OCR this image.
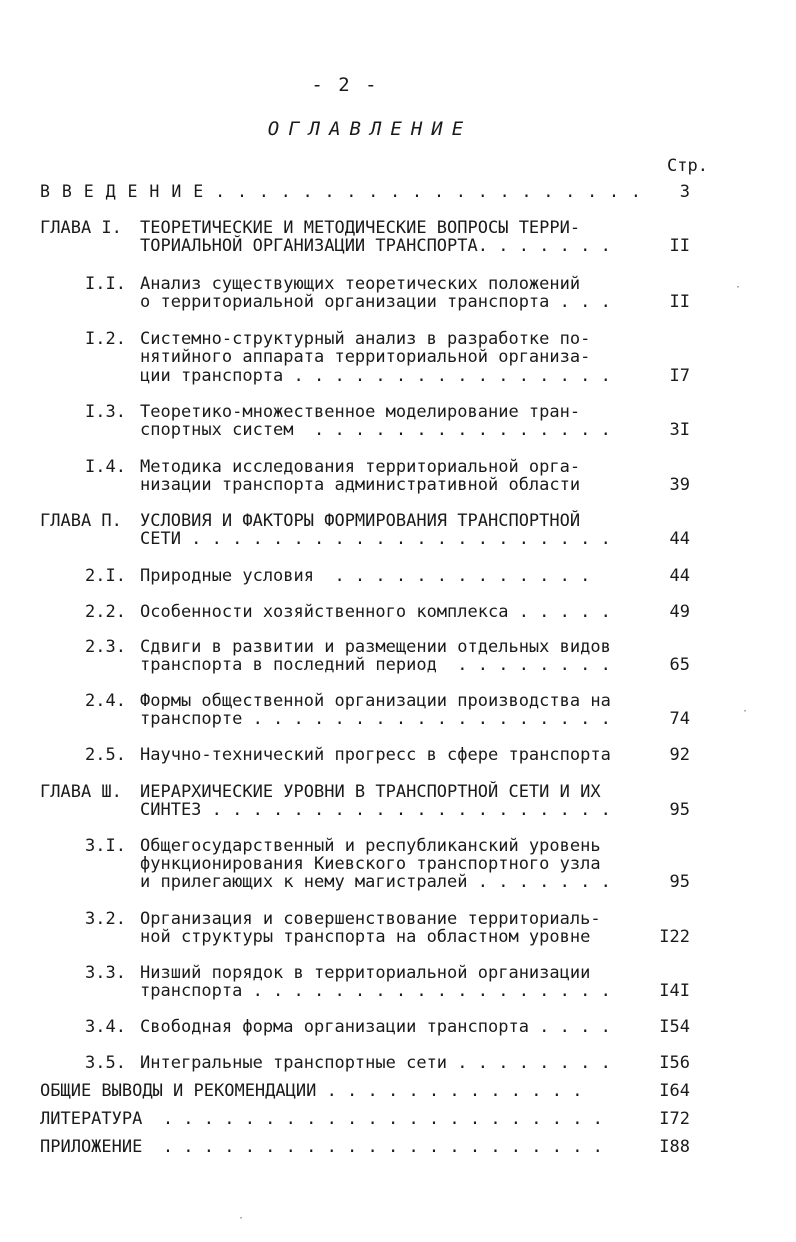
- 2 -
ОГЛАВЛЕНИЕ
Стр.
В В Е Д Е Н И Е . . . . . . . . . . . . . . . . . . . . 3
ГЛАВА I. ТЕОРЕТИЧЕСКИЕ И МЕТОДИЧЕСКИЕ ВОПРОСЫ ТЕРРИ-
ТОРИАЛЬНОЙ ОРГАНИЗАЦИИ ТРАНСПОРТА. . . . . . .	II
I.I. Анализ существующих теоретических положений
о территориальной организации транспорта . . .	II
I.2. Системно-структурный анализ в разработке по-
нятийного аппарата территориальной организа-
ции транспорта . . . . . . . . . . . . . . . .	I7
I.3. Теоретико-множественное моделирование тран-
спортных систем  . . . . . . . . . . . . . . .	3I
I.4. Методика исследования территориальной орга-
низации транспорта административной области	39
ГЛАВА П. УСЛОВИЯ И ФАКТОРЫ ФОРМИРОВАНИЯ ТРАНСПОРТНОЙ
СЕТИ . . . . . . . . . . . . . . . . . . . . .	44
2.I. Природные условия  . . . . . . . . . . . . .	44
2.2. Особенности хозяйственного комплекса . . . . .	49
2.3. Сдвиги в развитии и размещении отдельных видов
транспорта в последний период  . . . . . . . .	65
2.4. Формы общественной организации производства на
транспорте . . . . . . . . . . . . . . . . . .	74
2.5. Научно-технический прогресс в сфере транспорта	92
ГЛАВА Ш. ИЕРАРХИЧЕСКИЕ УРОВНИ В ТРАНСПОРТНОЙ СЕТИ И ИХ
СИНТЕЗ . . . . . . . . . . . . . . . . . . . .	95
3.I. Общегосударственный и республиканский уровень
функционирования Киевского транспортного узла
и прилегающих к нему магистралей . . . . . . .	95
3.2. Организация и совершенствование территориаль-
ной структуры транспорта на областном уровне	I22
3.3. Низший порядок в территориальной организации
транспорта . . . . . . . . . . . . . . . . . .	I4I
3.4. Свободная форма организации транспорта . . . .	I54
3.5. Интегральные транспортные сети . . . . . . . .	I56
ОБЩИЕ ВЫВОДЫ И РЕКОМЕНДАЦИИ . . . . . . . . . . . . .	I64
ЛИТЕРАТУРА  . . . . . . . . . . . . . . . . . . . . . .	I72
ПРИЛОЖЕНИЕ  . . . . . . . . . . . . . . . . . . . . . .	I88
·
·
·
